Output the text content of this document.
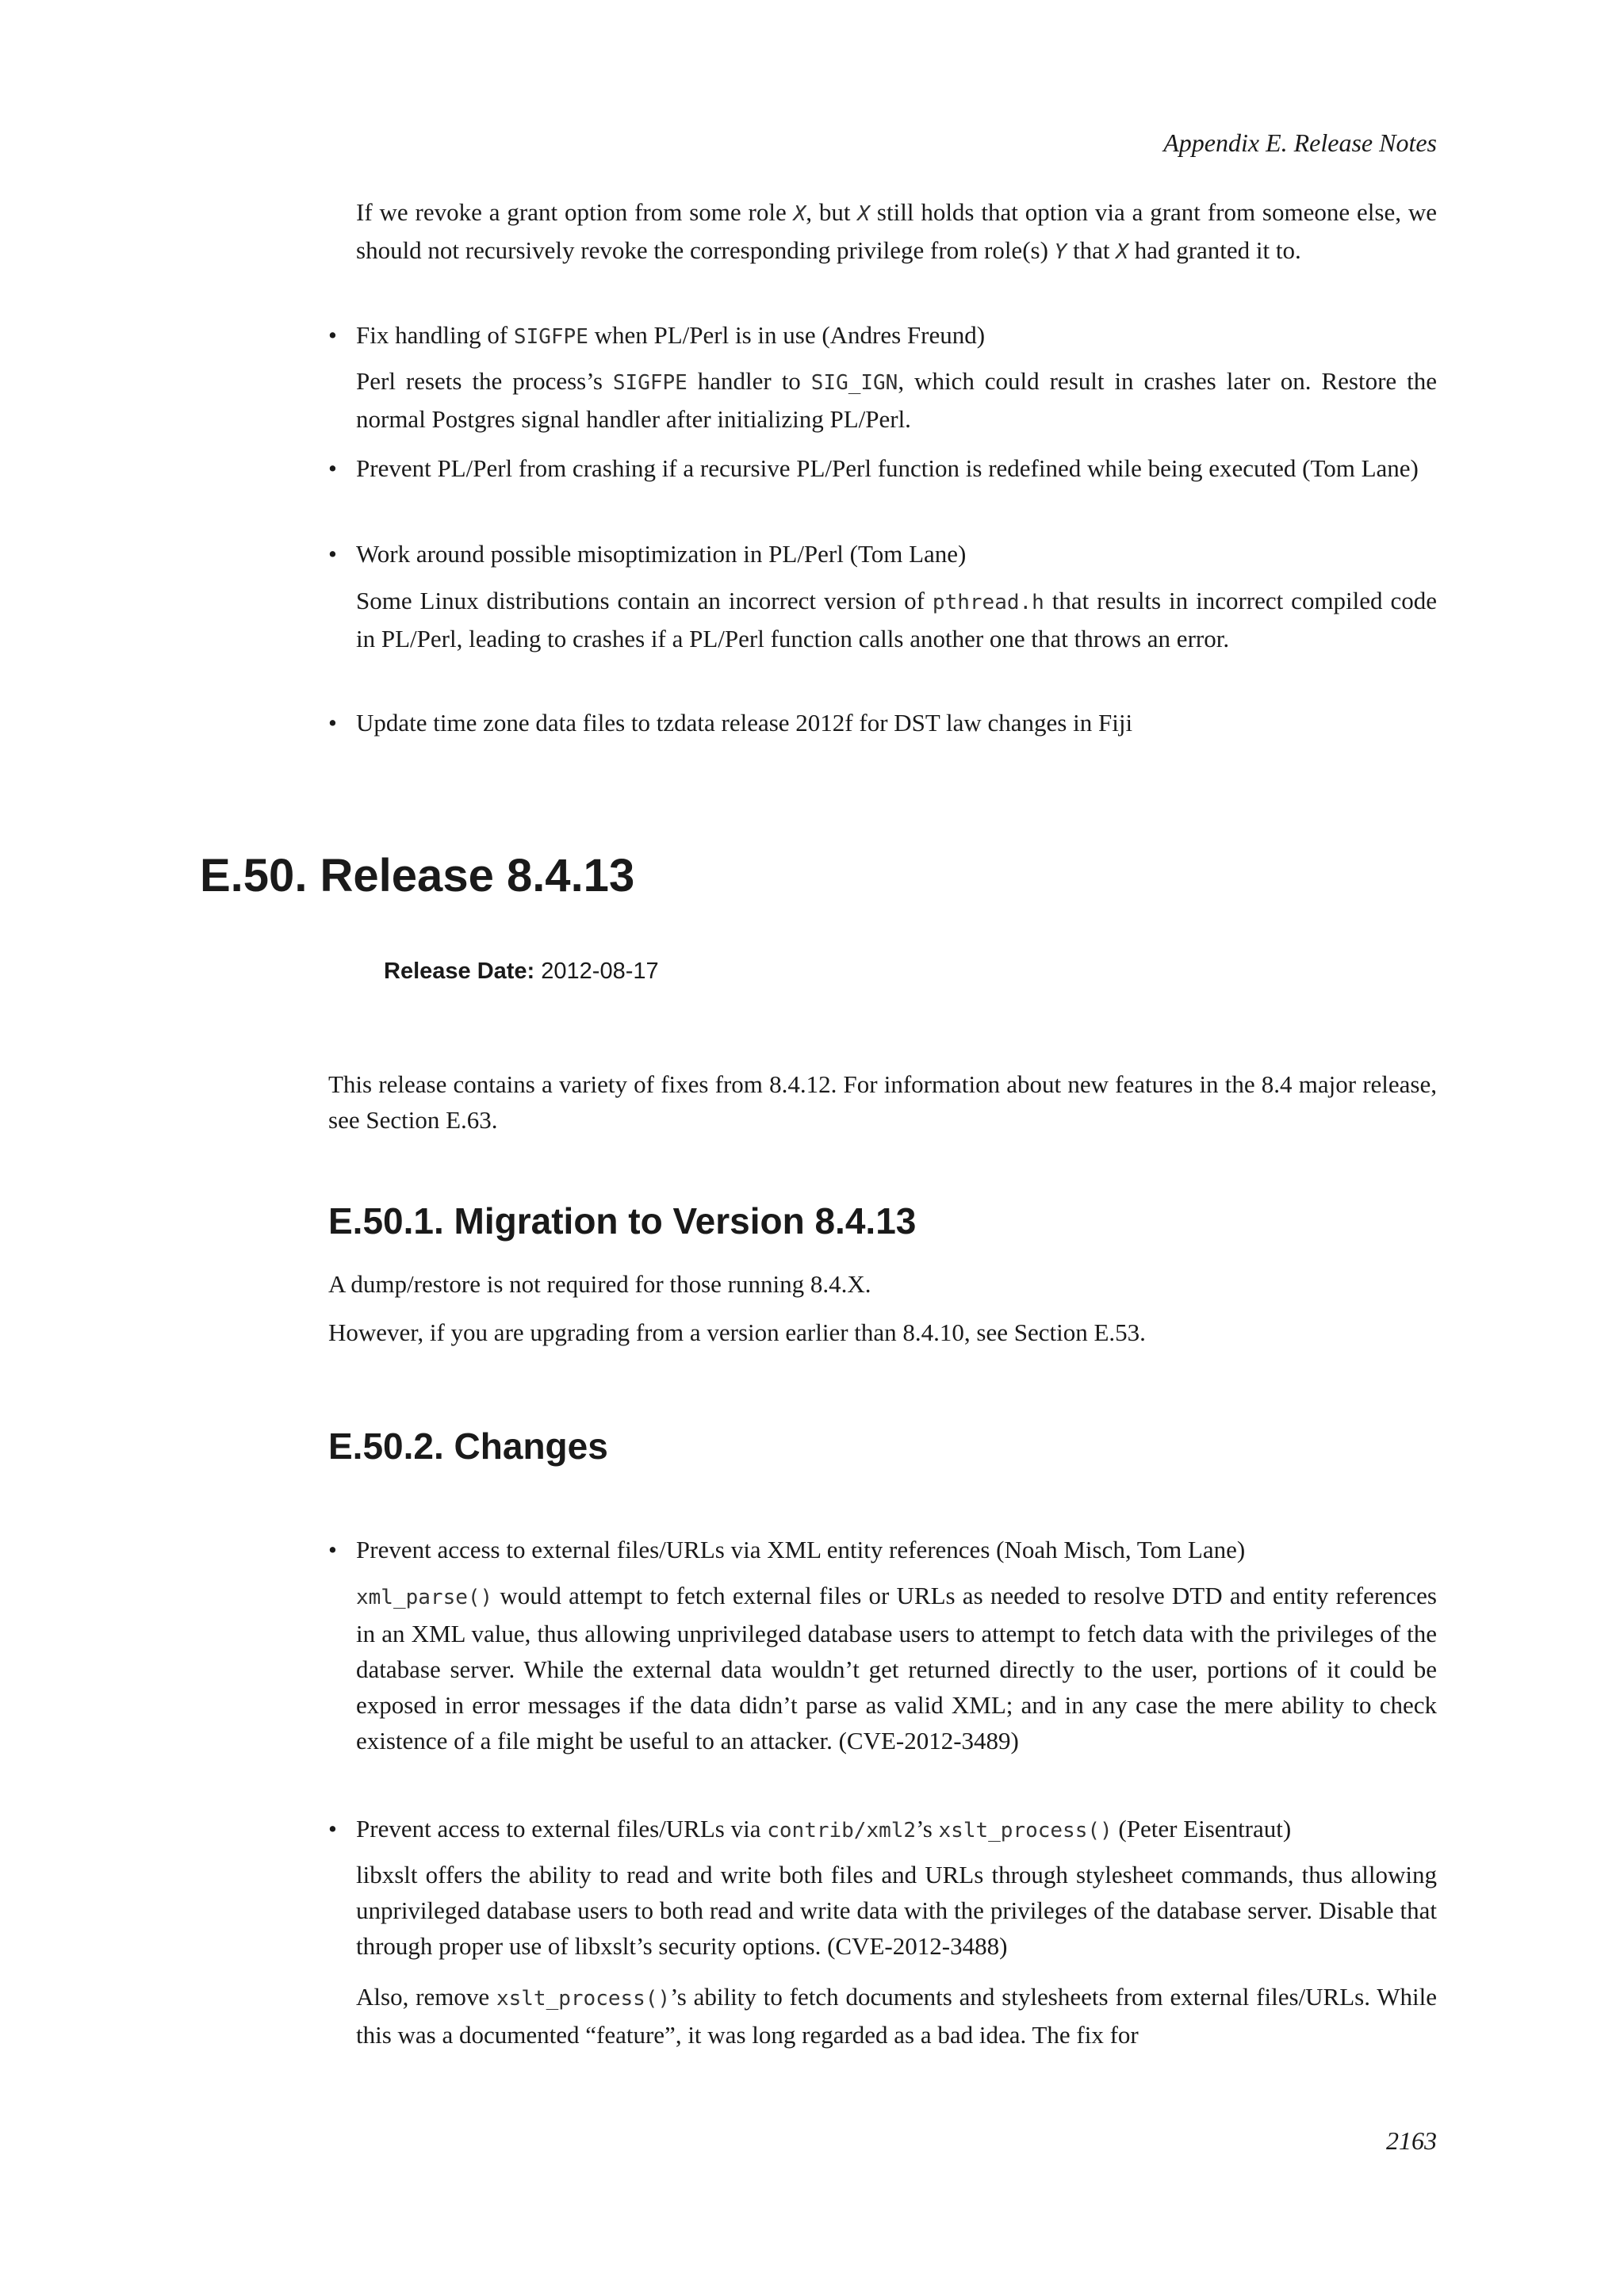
Appendix E. Release Notes

If we revoke a grant option from some role X, but X still holds that option via a grant from someone else, we should not recursively revoke the corresponding privilege from role(s) Y that X had granted it to.

• Fix handling of SIGFPE when PL/Perl is in use (Andres Freund)

Perl resets the process’s SIGFPE handler to SIG_IGN, which could result in crashes later on. Restore the normal Postgres signal handler after initializing PL/Perl.

• Prevent PL/Perl from crashing if a recursive PL/Perl function is redefined while being executed (Tom Lane)
• Work around possible misoptimization in PL/Perl (Tom Lane)

Some Linux distributions contain an incorrect version of pthread.h that results in incorrect compiled code in PL/Perl, leading to crashes if a PL/Perl function calls another one that throws an error.

• Update time zone data files to tzdata release 2012f for DST law changes in Fiji
E.50. Release 8.4.13
Release Date: 2012-08-17
This release contains a variety of fixes from 8.4.12. For information about new features in the 8.4 major release, see Section E.63.
E.50.1. Migration to Version 8.4.13
A dump/restore is not required for those running 8.4.X.
However, if you are upgrading from a version earlier than 8.4.10, see Section E.53.
E.50.2. Changes
• Prevent access to external files/URLs via XML entity references (Noah Misch, Tom Lane)

xml_parse() would attempt to fetch external files or URLs as needed to resolve DTD and entity references in an XML value, thus allowing unprivileged database users to attempt to fetch data with the privileges of the database server. While the external data wouldn’t get returned directly to the user, portions of it could be exposed in error messages if the data didn’t parse as valid XML; and in any case the mere ability to check existence of a file might be useful to an attacker. (CVE-2012-3489)

• Prevent access to external files/URLs via contrib/xml2’s xslt_process() (Peter Eisentraut)
libxslt offers the ability to read and write both files and URLs through stylesheet commands, thus allowing unprivileged database users to both read and write data with the privileges of the database server. Disable that through proper use of libxslt’s security options. (CVE-2012-3488)

Also, remove xslt_process()’s ability to fetch documents and stylesheets from external files/URLs. While this was a documented “feature”, it was long regarded as a bad idea. The fix for

2163
